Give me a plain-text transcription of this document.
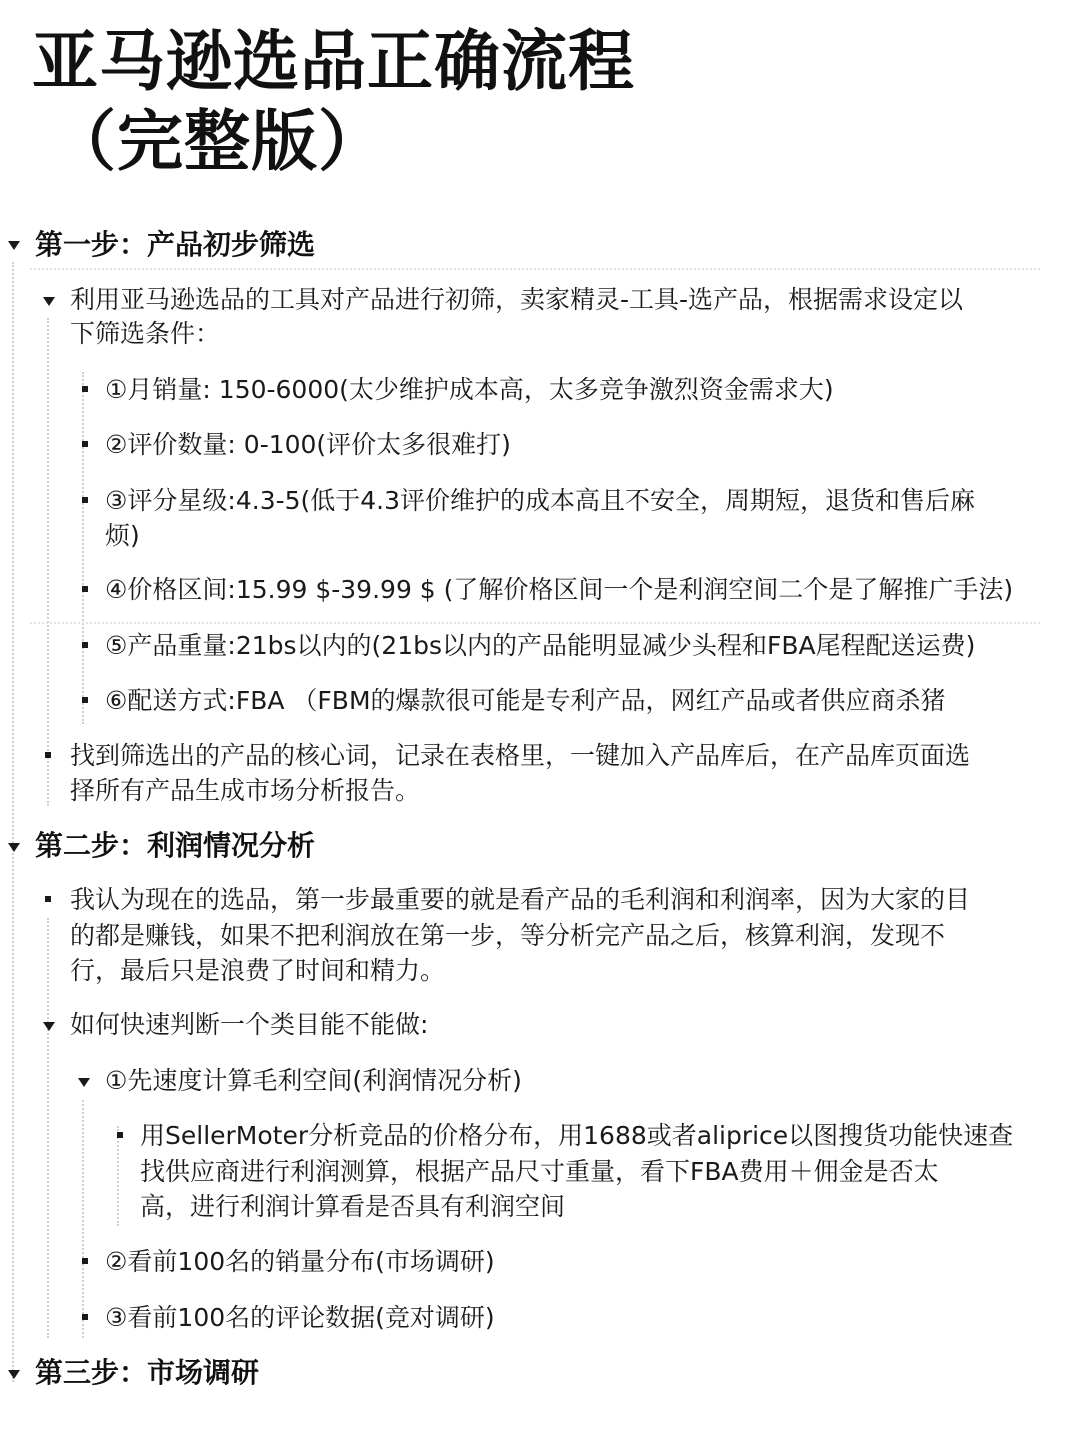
亚马逊选品正确流程
（完整版）
第一步：产品初步筛选
利用亚马逊选品的工具对产品进行初筛，卖家精灵-工具-选产品，根据需求设定以
下筛选条件：
①月销量: 150-6000(太少维护成本高，太多竞争激烈资金需求大)
②评价数量: 0-100(评价太多很难打)
③评分星级:4.3-5(低于4.3评价维护的成本高且不安全，周期短，退货和售后麻
烦)
④价格区间:15.99 $-39.99 $ (了解价格区间一个是利润空间二个是了解推广手法)
⑤产品重量:21bs以内的(21bs以内的产品能明显减少头程和FBA尾程配送运费)
⑥配送方式:FBA （FBM的爆款很可能是专利产品，网红产品或者供应商杀猪
找到筛选出的产品的核心词，记录在表格里，一键加入产品库后，在产品库页面选
择所有产品生成市场分析报告。
第二步：利润情况分析
我认为现在的选品，第一步最重要的就是看产品的毛利润和利润率，因为大家的目
的都是赚钱，如果不把利润放在第一步，等分析完产品之后，核算利润，发现不
行，最后只是浪费了时间和精力。
如何快速判断一个类目能不能做:
①先速度计算毛利空间(利润情况分析)
用SellerMoter分析竞品的价格分布，用1688或者aliprice以图搜货功能快速查
找供应商进行利润测算，根据产品尺寸重量，看下FBA费用＋佣金是否太
高，进行利润计算看是否具有利润空间
②看前100名的销量分布(市场调研)
③看前100名的评论数据(竞对调研)
第三步：市场调研
